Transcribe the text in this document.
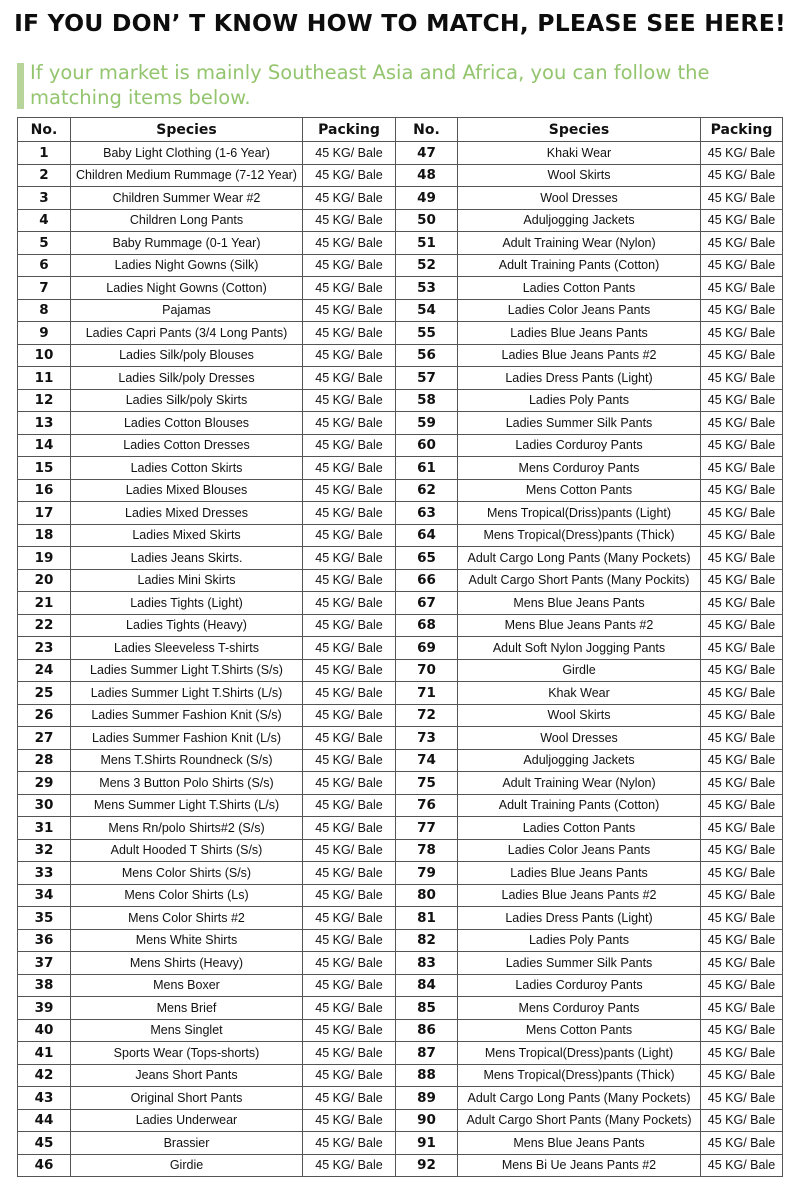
IF YOU DON’ T KNOW HOW TO MATCH, PLEASE SEE HERE!
If your market is mainly Southeast Asia and Africa, you can follow the matching items below.
No.	Species	Packing	No.	Species	Packing
1	Baby Light Clothing (1-6 Year)	45 KG/ Bale	47	Khaki Wear	45 KG/ Bale
2	Children Medium Rummage (7-12 Year)	45 KG/ Bale	48	Wool Skirts	45 KG/ Bale
3	Children Summer Wear #2	45 KG/ Bale	49	Wool Dresses	45 KG/ Bale
4	Children Long Pants	45 KG/ Bale	50	Aduljogging Jackets	45 KG/ Bale
5	Baby Rummage (0-1 Year)	45 KG/ Bale	51	Adult Training Wear (Nylon)	45 KG/ Bale
6	Ladies Night Gowns (Silk)	45 KG/ Bale	52	Adult Training Pants (Cotton)	45 KG/ Bale
7	Ladies Night Gowns (Cotton)	45 KG/ Bale	53	Ladies Cotton Pants	45 KG/ Bale
8	Pajamas	45 KG/ Bale	54	Ladies Color Jeans Pants	45 KG/ Bale
9	Ladies Capri Pants (3/4 Long Pants)	45 KG/ Bale	55	Ladies Blue Jeans Pants	45 KG/ Bale
10	Ladies Silk/poly Blouses	45 KG/ Bale	56	Ladies Blue Jeans Pants #2	45 KG/ Bale
11	Ladies Silk/poly Dresses	45 KG/ Bale	57	Ladies Dress Pants (Light)	45 KG/ Bale
12	Ladies Silk/poly Skirts	45 KG/ Bale	58	Ladies Poly Pants	45 KG/ Bale
13	Ladies Cotton Blouses	45 KG/ Bale	59	Ladies Summer Silk Pants	45 KG/ Bale
14	Ladies Cotton Dresses	45 KG/ Bale	60	Ladies Corduroy Pants	45 KG/ Bale
15	Ladies Cotton Skirts	45 KG/ Bale	61	Mens Corduroy Pants	45 KG/ Bale
16	Ladies Mixed Blouses	45 KG/ Bale	62	Mens Cotton Pants	45 KG/ Bale
17	Ladies Mixed Dresses	45 KG/ Bale	63	Mens Tropical(Driss)pants (Light)	45 KG/ Bale
18	Ladies Mixed Skirts	45 KG/ Bale	64	Mens Tropical(Dress)pants (Thick)	45 KG/ Bale
19	Ladies Jeans Skirts.	45 KG/ Bale	65	Adult Cargo Long Pants (Many Pockets)	45 KG/ Bale
20	Ladies Mini Skirts	45 KG/ Bale	66	Adult Cargo Short Pants (Many Pockits)	45 KG/ Bale
21	Ladies Tights (Light)	45 KG/ Bale	67	Mens Blue Jeans Pants	45 KG/ Bale
22	Ladies Tights (Heavy)	45 KG/ Bale	68	Mens Blue Jeans Pants #2	45 KG/ Bale
23	Ladies Sleeveless T-shirts	45 KG/ Bale	69	Adult Soft Nylon Jogging Pants	45 KG/ Bale
24	Ladies Summer Light T.Shirts (S/s)	45 KG/ Bale	70	Girdle	45 KG/ Bale
25	Ladies Summer Light T.Shirts (L/s)	45 KG/ Bale	71	Khak Wear	45 KG/ Bale
26	Ladies Summer Fashion Knit (S/s)	45 KG/ Bale	72	Wool Skirts	45 KG/ Bale
27	Ladies Summer Fashion Knit (L/s)	45 KG/ Bale	73	Wool Dresses	45 KG/ Bale
28	Mens T.Shirts Roundneck (S/s)	45 KG/ Bale	74	Aduljogging Jackets	45 KG/ Bale
29	Mens 3 Button Polo Shirts (S/s)	45 KG/ Bale	75	Adult Training Wear (Nylon)	45 KG/ Bale
30	Mens Summer Light T.Shirts (L/s)	45 KG/ Bale	76	Adult Training Pants (Cotton)	45 KG/ Bale
31	Mens Rn/polo Shirts#2 (S/s)	45 KG/ Bale	77	Ladies Cotton Pants	45 KG/ Bale
32	Adult Hooded T Shirts (S/s)	45 KG/ Bale	78	Ladies Color Jeans Pants	45 KG/ Bale
33	Mens Color Shirts (S/s)	45 KG/ Bale	79	Ladies Blue Jeans Pants	45 KG/ Bale
34	Mens Color Shirts (Ls)	45 KG/ Bale	80	Ladies Blue Jeans Pants #2	45 KG/ Bale
35	Mens Color Shirts #2	45 KG/ Bale	81	Ladies Dress Pants (Light)	45 KG/ Bale
36	Mens White Shirts	45 KG/ Bale	82	Ladies Poly Pants	45 KG/ Bale
37	Mens Shirts (Heavy)	45 KG/ Bale	83	Ladies Summer Silk Pants	45 KG/ Bale
38	Mens Boxer	45 KG/ Bale	84	Ladies Corduroy Pants	45 KG/ Bale
39	Mens Brief	45 KG/ Bale	85	Mens Corduroy Pants	45 KG/ Bale
40	Mens Singlet	45 KG/ Bale	86	Mens Cotton Pants	45 KG/ Bale
41	Sports Wear (Tops-shorts)	45 KG/ Bale	87	Mens Tropical(Dress)pants (Light)	45 KG/ Bale
42	Jeans Short Pants	45 KG/ Bale	88	Mens Tropical(Dress)pants (Thick)	45 KG/ Bale
43	Original Short Pants	45 KG/ Bale	89	Adult Cargo Long Pants (Many Pockets)	45 KG/ Bale
44	Ladies Underwear	45 KG/ Bale	90	Adult Cargo Short Pants (Many Pockets)	45 KG/ Bale
45	Brassier	45 KG/ Bale	91	Mens Blue Jeans Pants	45 KG/ Bale
46	Girdie	45 KG/ Bale	92	Mens Bi Ue Jeans Pants #2	45 KG/ Bale
